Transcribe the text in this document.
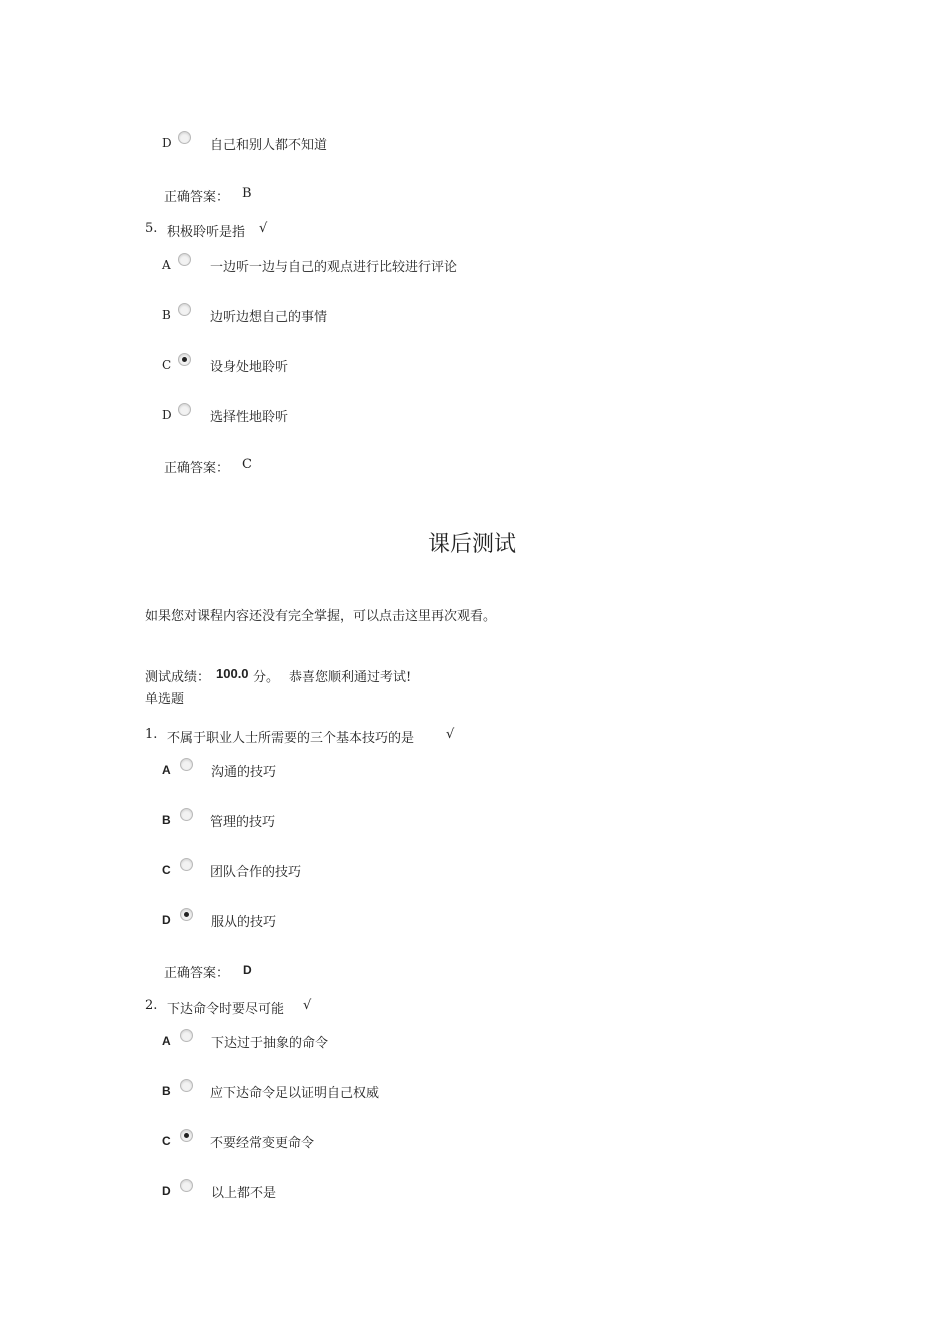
D	自己和别人都不知道
正确答案： B
5. 积极聆听是指 √
A	一边听一边与自己的观点进行比较进行评论
B	边听边想自己的事情
C	设身处地聆听
D	选择性地聆听
正确答案： C
课后测试
如果您对课程内容还没有完全掌握，可以点击这里再次观看。
测试成绩： 100.0 分。 恭喜您顺利通过考试!
单选题
1. 不属于职业人士所需要的三个基本技巧的是 √
A	沟通的技巧
B	管理的技巧
C	团队合作的技巧
D	服从的技巧
正确答案： D
2. 下达命令时要尽可能 √
A	下达过于抽象的命令
B	应下达命令足以证明自己权威
C	不要经常变更命令
D	以上都不是
